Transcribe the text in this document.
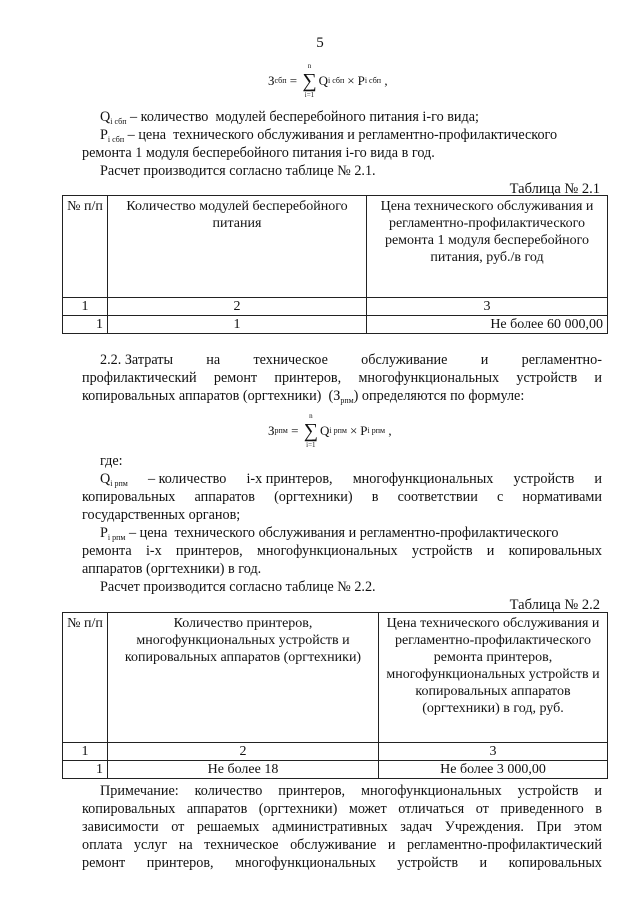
5
З сбп =
n
∑
i=1
Q i сбп × P i сбп ,
$Q_{i сбп}$ – количество  модулей бесперебойного питания i-го вида;
$P_{i сбп}$ – цена  технического обслуживания и регламентно-профилактического
ремонта 1 модуля бесперебойного питания i-го вида в год.
Расчет производится согласно таблице № 2.1.
Таблица № 2.1
№ п/п	Количество модулей бесперебойного питания	Цена технического обслуживания и регламентно-профилактического ремонта 1 модуля бесперебойного питания, руб./в год
1	2	3
1	1	Не более 60 000,00
2.2. Затраты на техническое обслуживание и регламентно-
профилактический ремонт принтеров, многофункциональных устройств и
копировальных аппаратов (оргтехники)  $(З_{рпм})$ определяются по формуле:
З рпм =
n
∑
i=1
Q i рпм × P i рпм ,
где:
$Q_{i рпм}$ – количество i-х принтеров, многофункциональных устройств и
копировальных аппаратов (оргтехники) в соответствии с нормативами
государственных органов;
$P_{i рпм}$ – цена  технического обслуживания и регламентно-профилактического
ремонта i-х принтеров, многофункциональных устройств и копировальных
аппаратов (оргтехники) в год.
Расчет производится согласно таблице № 2.2.
Таблица № 2.2
№ п/п	Количество принтеров, многофункциональных устройств и копировальных аппаратов (оргтехники)	Цена технического обслуживания и регламентно-профилактического ремонта принтеров, многофункциональных устройств и копировальных аппаратов (оргтехники) в год, руб.
1	2	3
1	Не более 18	Не более 3 000,00
Примечание: количество принтеров, многофункциональных устройств и
копировальных аппаратов (оргтехники) может отличаться от приведенного в
зависимости от решаемых административных задач Учреждения. При этом
оплата услуг на техническое обслуживание и регламентно-профилактический
ремонт принтеров, многофункциональных устройств и копировальных
